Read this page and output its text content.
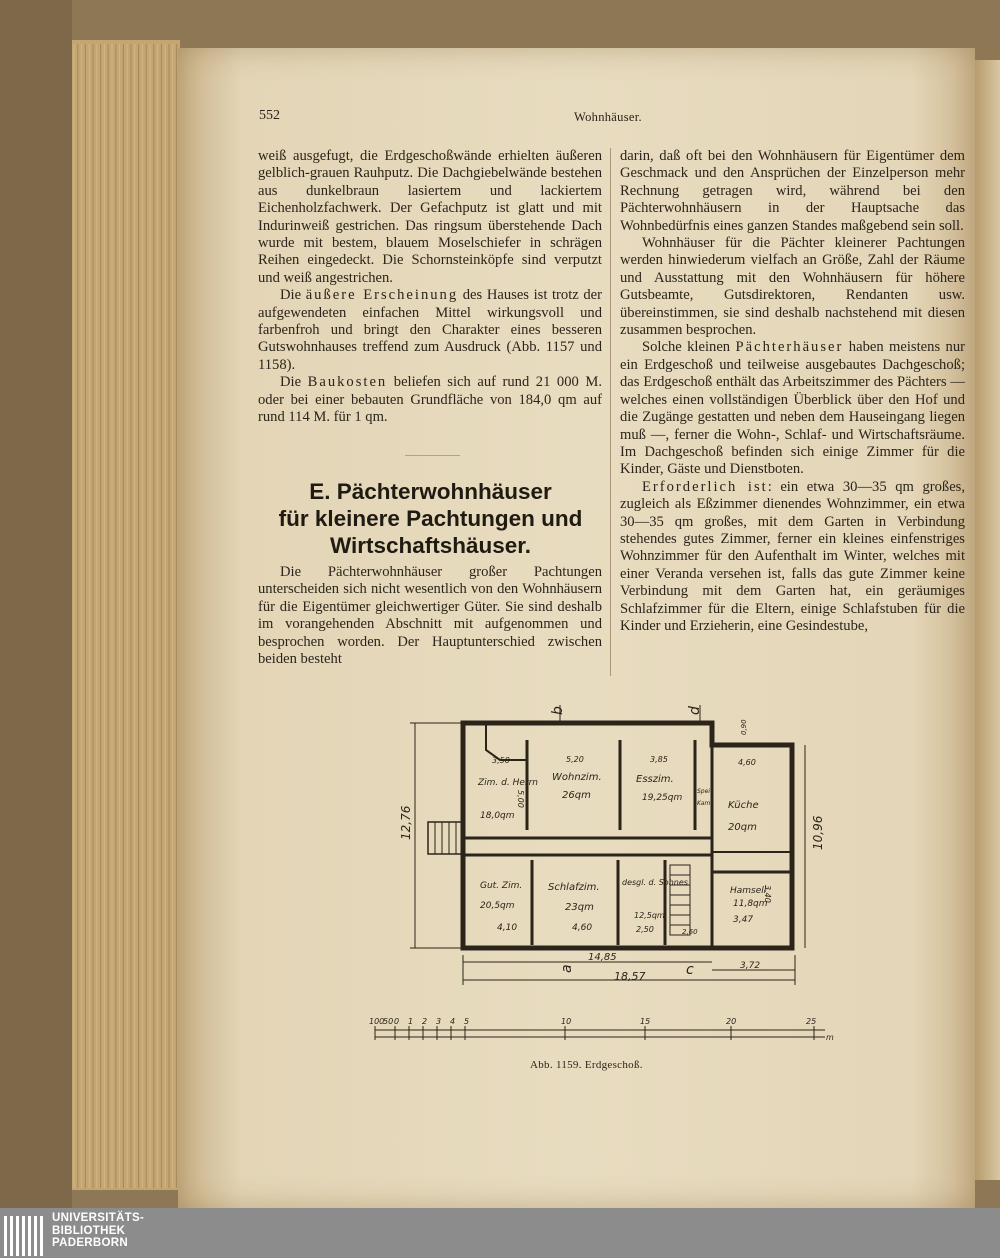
552	Wohnhäuser.

weiß ausgefugt, die Erdgeschoßwände erhielten äußeren gelblich-grauen Rauhputz. Die Dachgiebelwände bestehen aus dunkelbraun lasiertem und lackiertem Eichenholzfachwerk. Der Gefachputz ist glatt und mit Indurinweiß gestrichen. Das ringsum überstehende Dach wurde mit bestem, blauem Moselschiefer in schrägen Reihen eingedeckt. Die Schornsteinköpfe sind verputzt und weiß angestrichen.

Die äußere Erscheinung des Hauses ist trotz der aufgewendeten einfachen Mittel wirkungsvoll und farbenfroh und bringt den Charakter eines besseren Gutswohnhauses treffend zum Ausdruck (Abb. 1157 und 1158).

Die Baukosten beliefen sich auf rund 21 000 M. oder bei einer bebauten Grundfläche von 184,0 qm auf rund 114 M. für 1 qm.

E. Pächterwohnhäuser
für kleinere Pachtungen und
Wirtschaftshäuser.

Die Pächterwohnhäuser großer Pachtungen unterscheiden sich nicht wesentlich von den Wohnhäusern für die Eigentümer gleichwertiger Güter. Sie sind deshalb im vorangehenden Abschnitt mit aufgenommen und besprochen worden. Der Hauptunterschied zwischen beiden besteht

darin, daß oft bei den Wohnhäusern für Eigentümer dem Geschmack und den Ansprüchen der Einzelperson mehr Rechnung getragen wird, während bei den Pächterwohnhäusern in der Hauptsache das Wohnbedürfnis eines ganzen Standes maßgebend sein soll.

Wohnhäuser für die Pächter kleinerer Pachtungen werden hinwiederum vielfach an Größe, Zahl der Räume und Ausstattung mit den Wohnhäusern für höhere Gutsbeamte, Gutsdirektoren, Rendanten usw. übereinstimmen, sie sind deshalb nachstehend mit diesen zusammen besprochen.

Solche kleinen Pächterhäuser haben meistens nur ein Erdgeschoß und teilweise ausgebautes Dachgeschoß; das Erdgeschoß enthält das Arbeitszimmer des Pächters — welches einen vollständigen Überblick über den Hof und die Zugänge gestatten und neben dem Hauseingang liegen muß —, ferner die Wohn-, Schlaf- und Wirtschaftsräume. Im Dachgeschoß befinden sich einige Zimmer für die Kinder, Gäste und Dienstboten.

Erforderlich ist: ein etwa 30—35 qm großes, zugleich als Eßzimmer dienendes Wohnzimmer, ein etwa 30—35 qm großes, mit dem Garten in Verbindung stehendes gutes Zimmer, ferner ein kleines einfenstriges Wohnzimmer für den Aufenthalt im Winter, welches mit einer Veranda versehen ist, falls das gute Zimmer keine Verbindung mit dem Garten hat, ein geräumiges Schlafzimmer für die Eltern, einige Schlafstuben für die Kinder und Erzieherin, eine Gesindestube,

Zim. d. Herrn
18,0qm
Wohnzim.
26qm
Esszim.
19,25qm
Küche
20qm
Gut. Zim.
20,5qm
Schlafzim.
23qm
desgl. d. Sohnes
12,5qm
Hamsell
11,8qm
Spei
Kam
3,50	5,20	3,85	4,60
5,00
4,10	4,60	2,50	2,60
3,47
3,40
14,85
18,57
3,72
12,76	10,96
0,90
b	d
a	c
100
50 0 1 2 3 4 5	10	15	20	25
m
Abb. 1159. Erdgeschoß.
UNIVERSITÄTS-
BIBLIOTHEK
PADERBORN
